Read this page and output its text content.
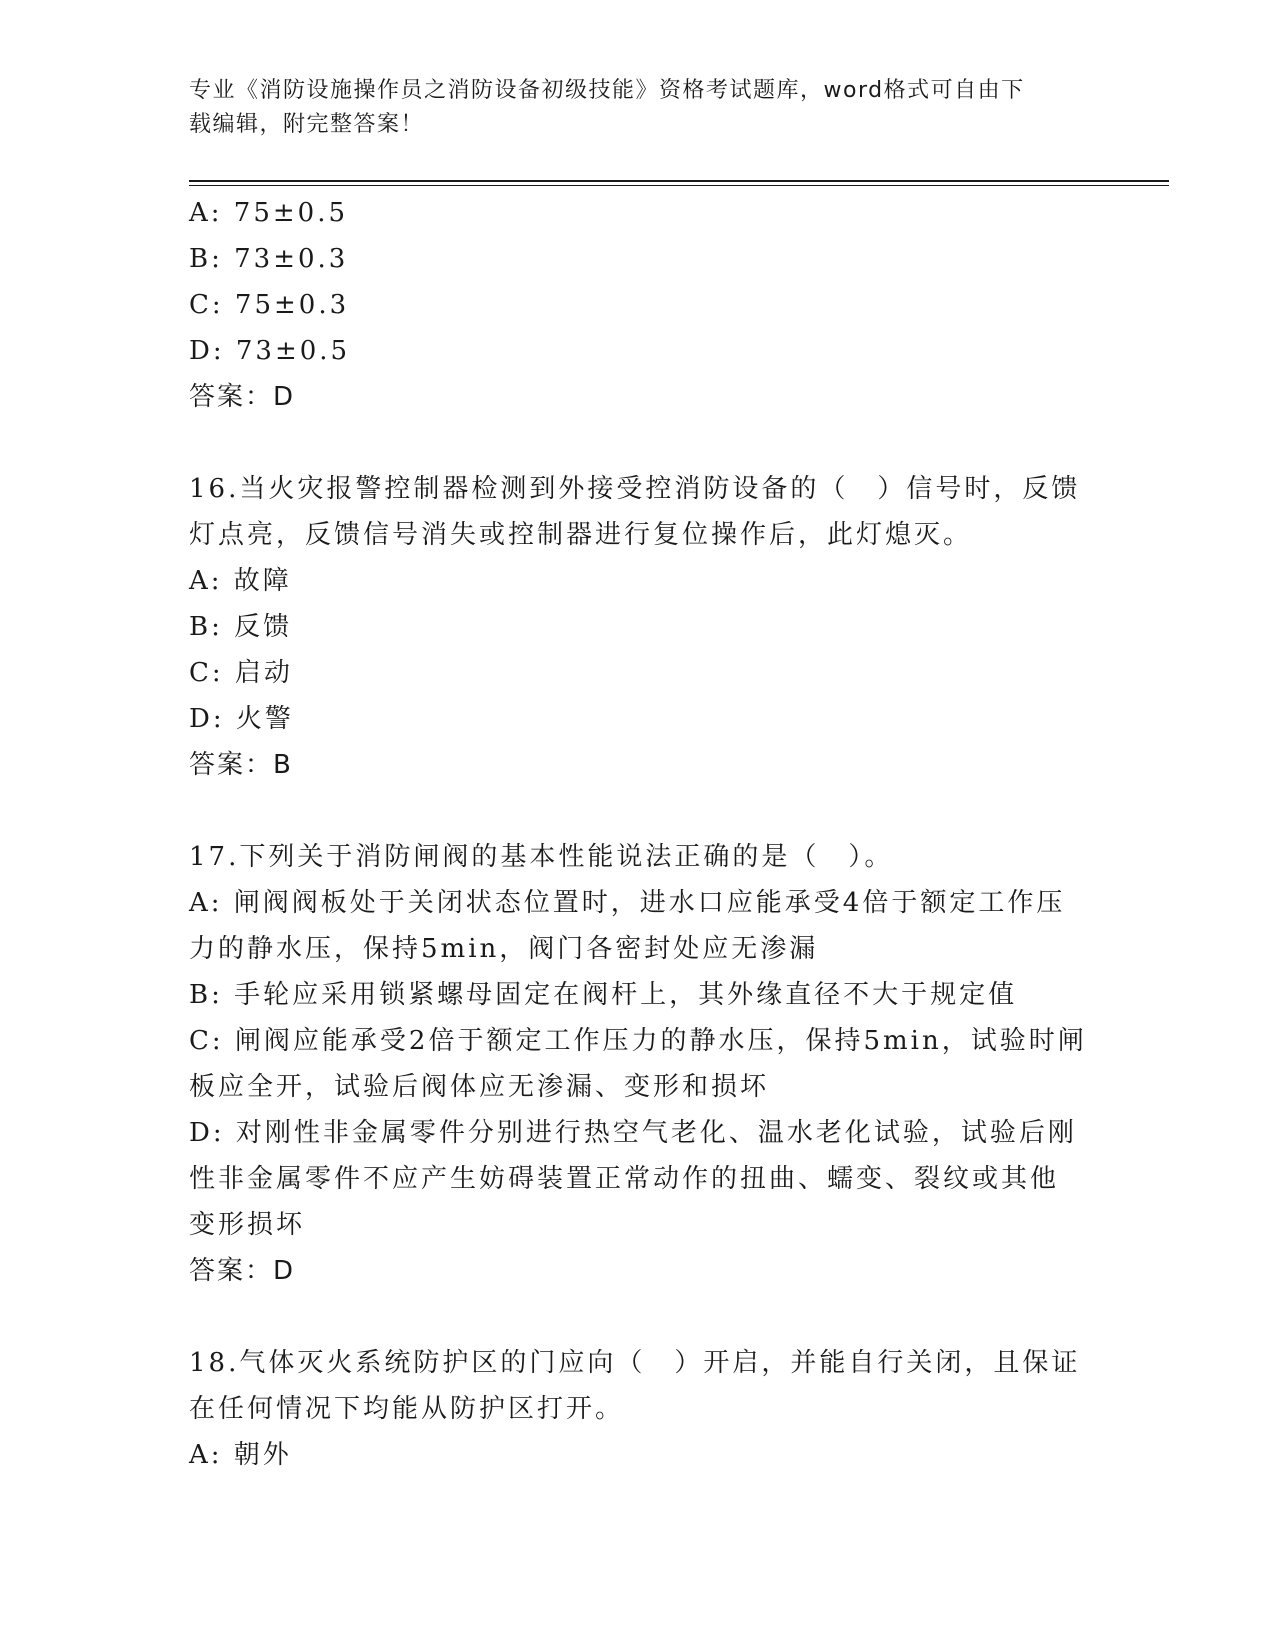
专业《消防设施操作员之消防设备初级技能》资格考试题库，word格式可自由下
载编辑，附完整答案！
A: 75±0.5
B: 73±0.3
C: 75±0.3
D: 73±0.5
答案：D
16.当火灾报警控制器检测到外接受控消防设备的（　）信号时，反馈
灯点亮，反馈信号消失或控制器进行复位操作后，此灯熄灭。
A: 故障
B: 反馈
C: 启动
D: 火警
答案：B
17.下列关于消防闸阀的基本性能说法正确的是（　）。
A: 闸阀阀板处于关闭状态位置时，进水口应能承受4倍于额定工作压
力的静水压，保持5min，阀门各密封处应无渗漏
B: 手轮应采用锁紧螺母固定在阀杆上，其外缘直径不大于规定值
C: 闸阀应能承受2倍于额定工作压力的静水压，保持5min，试验时闸
板应全开，试验后阀体应无渗漏、变形和损坏
D: 对刚性非金属零件分别进行热空气老化、温水老化试验，试验后刚
性非金属零件不应产生妨碍装置正常动作的扭曲、蠕变、裂纹或其他
变形损坏
答案：D
18.气体灭火系统防护区的门应向（　）开启，并能自行关闭，且保证
在任何情况下均能从防护区打开。
A: 朝外
